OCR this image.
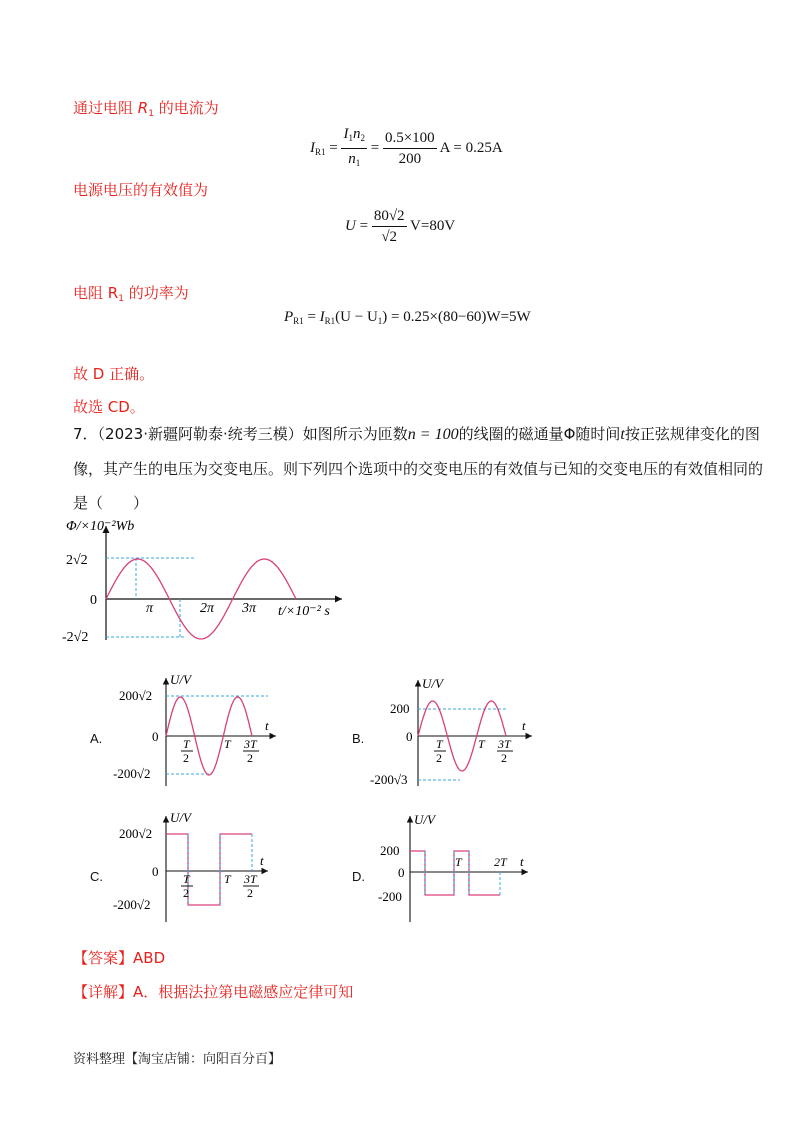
通过电阻 $R_1$ 的电流为
$I_{R1} = \frac{I_1n_2}{n_1} = \frac{0.5\times 100}{200}$ A = 0.25A
电源电压的有效值为
$U = \frac{80√2}{√2} V=80V$
电阻 $R_1$ 的功率为
$P_{R1} = I_{R1}(U - U_1) = 0.25\times(80-60)W=5W$
故 D 正确。
故选 CD。
7．（2023·新疆阿勒泰·统考三模）如图所示为匝数n = 100的线圈的磁通量Φ随时间t按正弦规律变化的图
像，其产生的电压为交变电压。则下列四个选项中的交变电压的有效值与已知的交变电压的有效值相同的
是（　　）
Φ/×10⁻²Wb
2√2
-2√2
0
π	2π 3π t/×10⁻² s
A.
U/V
200√2
-200√2
0
t
T
2
T 3T
2
B.
U/V
200
-200√3
0
t
T
2
T 3T
2
C.
U/V
200√2
-200√2
0
t
T
2
T 3T
2
D.
U/V
200
-200
0
t
T	2T
【答案】ABD
【详解】A．根据法拉第电磁感应定律可知
资料整理【淘宝店铺：向阳百分百】
